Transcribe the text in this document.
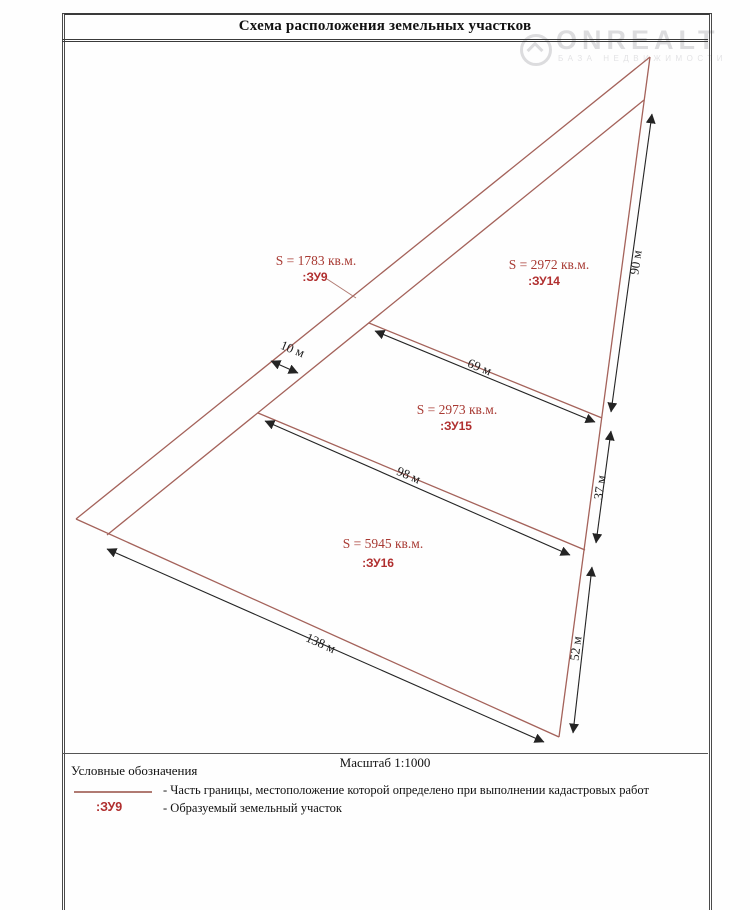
ONREALT
БАЗА НЕДВИЖИМОСТИ
Схема расположения земельных участков
10 м
69 м
98 м
138 м
90 м
37 м
52 м
S = 1783 кв.м.
:ЗУ9
S = 2972 кв.м.
:ЗУ14
S = 2973 кв.м.
:ЗУ15
S = 5945 кв.м.
:ЗУ16
Масштаб 1:1000
Условные обозначения
- Часть границы, местоположение которой определено при выполнении кадастровых работ
:ЗУ9	- Образуемый земельный участок
